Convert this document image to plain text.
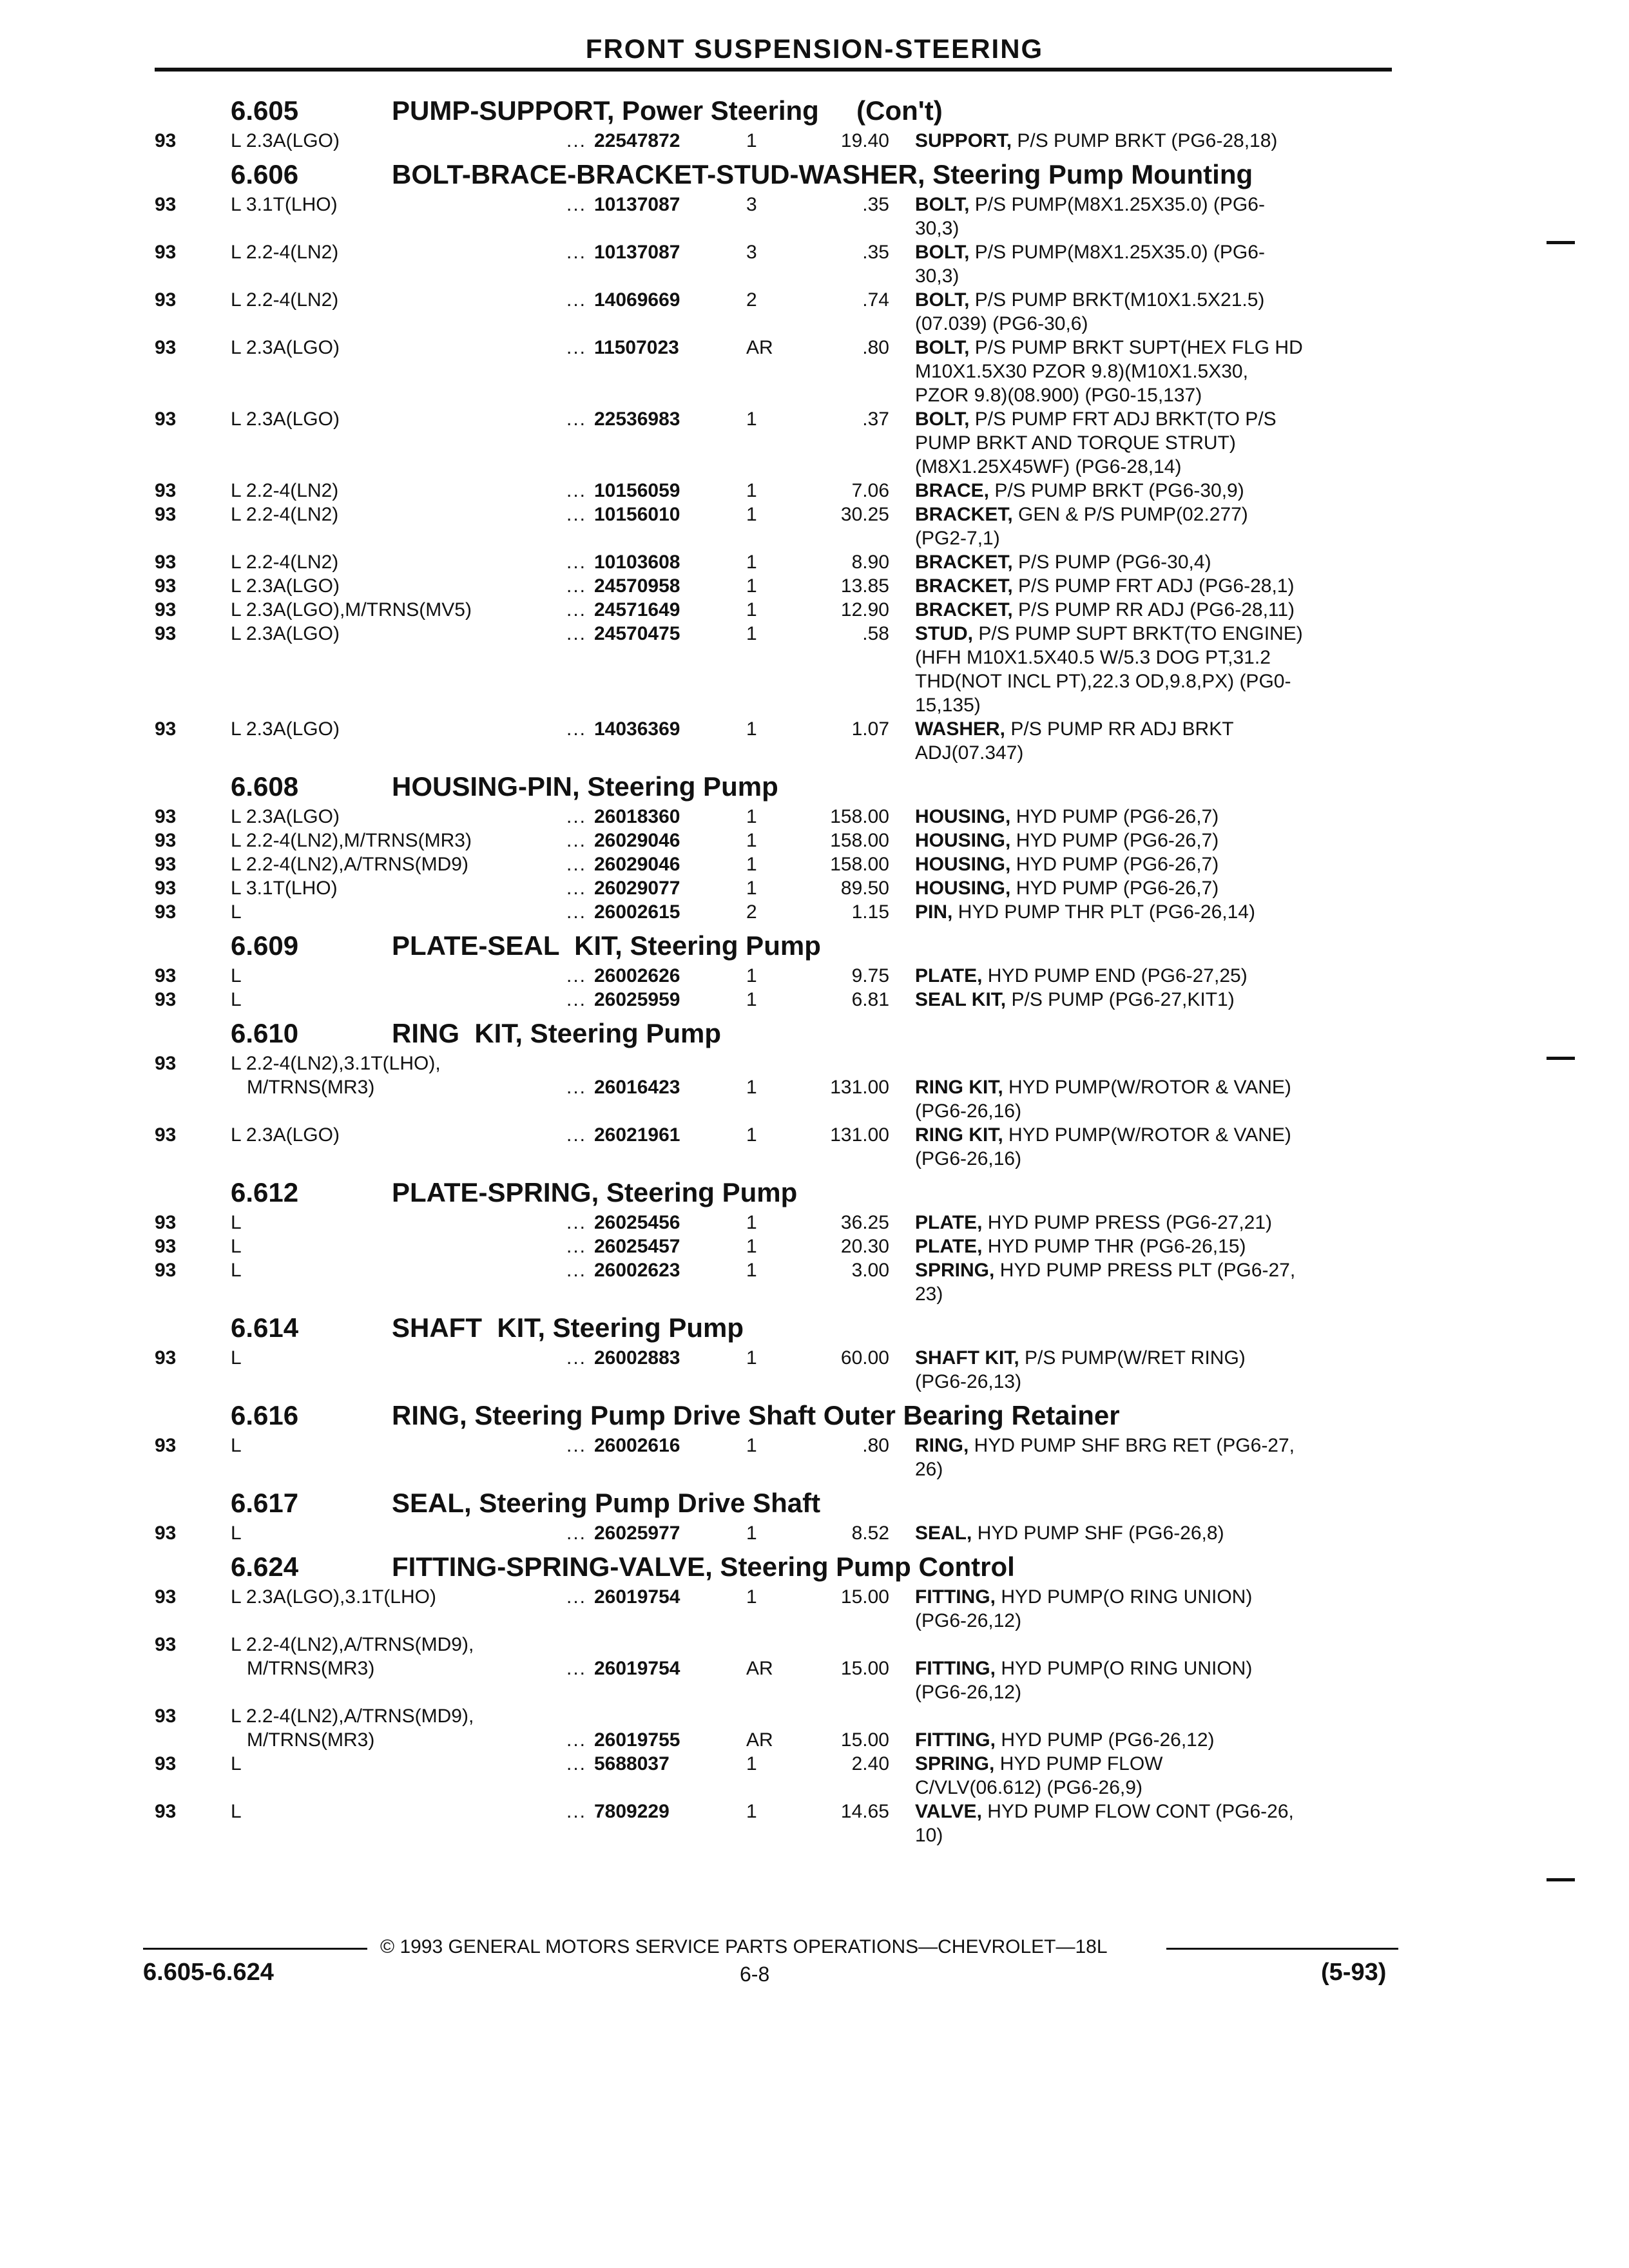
FRONT SUSPENSION-STEERING
6.605	PUMP-SUPPORT, Power Steering     (Con't)
93	L 2.3A(LGO)	... 22547872	1	19.40 SUPPORT, P/S PUMP BRKT (PG6-28,18)
6.606	BOLT-BRACE-BRACKET-STUD-WASHER, Steering Pump Mounting
93	L 3.1T(LHO)	... 10137087	3	.35 BOLT, P/S PUMP(M8X1.25X35.0) (PG6-
30,3)
93	L 2.2-4(LN2)	... 10137087	3	.35 BOLT, P/S PUMP(M8X1.25X35.0) (PG6-
30,3)
93	L 2.2-4(LN2)	... 14069669	2	.74 BOLT, P/S PUMP BRKT(M10X1.5X21.5)
(07.039) (PG6-30,6)
93	L 2.3A(LGO)	... 11507023	AR	.80 BOLT, P/S PUMP BRKT SUPT(HEX FLG HD
M10X1.5X30 PZOR 9.8)(M10X1.5X30,
PZOR 9.8)(08.900) (PG0-15,137)
93	L 2.3A(LGO)	... 22536983	1	.37 BOLT, P/S PUMP FRT ADJ BRKT(TO P/S
PUMP BRKT AND TORQUE STRUT)
(M8X1.25X45WF) (PG6-28,14)
93	L 2.2-4(LN2)	... 10156059	1	7.06 BRACE, P/S PUMP BRKT (PG6-30,9)
93	L 2.2-4(LN2)	... 10156010	1	30.25 BRACKET, GEN & P/S PUMP(02.277)
(PG2-7,1)
93	L 2.2-4(LN2)	... 10103608	1	8.90 BRACKET, P/S PUMP (PG6-30,4)
93	L 2.3A(LGO)	... 24570958	1	13.85 BRACKET, P/S PUMP FRT ADJ (PG6-28,1)
93	L 2.3A(LGO),M/TRNS(MV5)	... 24571649	1	12.90 BRACKET, P/S PUMP RR ADJ (PG6-28,11)
93	L 2.3A(LGO)	... 24570475	1	.58 STUD, P/S PUMP SUPT BRKT(TO ENGINE)
(HFH M10X1.5X40.5 W/5.3 DOG PT,31.2
THD(NOT INCL PT),22.3 OD,9.8,PX) (PG0-
15,135)
93	L 2.3A(LGO)	... 14036369	1	1.07 WASHER, P/S PUMP RR ADJ BRKT
ADJ(07.347)
6.608	HOUSING-PIN, Steering Pump
93	L 2.3A(LGO)	... 26018360	1	158.00 HOUSING, HYD PUMP (PG6-26,7)
93	L 2.2-4(LN2),M/TRNS(MR3)	... 26029046	1	158.00 HOUSING, HYD PUMP (PG6-26,7)
93	L 2.2-4(LN2),A/TRNS(MD9)	... 26029046	1	158.00 HOUSING, HYD PUMP (PG6-26,7)
93	L 3.1T(LHO)	... 26029077	1	89.50 HOUSING, HYD PUMP (PG6-26,7)
93	L	... 26002615	2	1.15 PIN, HYD PUMP THR PLT (PG6-26,14)
6.609	PLATE-SEAL  KIT, Steering Pump
93	L	... 26002626	1	9.75 PLATE, HYD PUMP END (PG6-27,25)
93	L	... 26025959	1	6.81 SEAL KIT, P/S PUMP (PG6-27,KIT1)
6.610	RING  KIT, Steering Pump
93	L 2.2-4(LN2),3.1T(LHO),
M/TRNS(MR3)	... 26016423	1	131.00 RING KIT, HYD PUMP(W/ROTOR & VANE)
(PG6-26,16)
93	L 2.3A(LGO)	... 26021961	1	131.00 RING KIT, HYD PUMP(W/ROTOR & VANE)
(PG6-26,16)
6.612	PLATE-SPRING, Steering Pump
93	L	... 26025456	1	36.25 PLATE, HYD PUMP PRESS (PG6-27,21)
93	L	... 26025457	1	20.30 PLATE, HYD PUMP THR (PG6-26,15)
93	L	... 26002623	1	3.00 SPRING, HYD PUMP PRESS PLT (PG6-27,
23)
6.614	SHAFT  KIT, Steering Pump
93	L	... 26002883	1	60.00 SHAFT KIT, P/S PUMP(W/RET RING)
(PG6-26,13)
6.616	RING, Steering Pump Drive Shaft Outer Bearing Retainer
93	L	... 26002616	1	.80 RING, HYD PUMP SHF BRG RET (PG6-27,
26)
6.617	SEAL, Steering Pump Drive Shaft
93	L	... 26025977	1	8.52 SEAL, HYD PUMP SHF (PG6-26,8)
6.624	FITTING-SPRING-VALVE, Steering Pump Control
93	L 2.3A(LGO),3.1T(LHO)	... 26019754	1	15.00 FITTING, HYD PUMP(O RING UNION)
(PG6-26,12)
93	L 2.2-4(LN2),A/TRNS(MD9),
M/TRNS(MR3)	... 26019754	AR	15.00 FITTING, HYD PUMP(O RING UNION)
(PG6-26,12)
93	L 2.2-4(LN2),A/TRNS(MD9),
M/TRNS(MR3)	... 26019755	AR	15.00 FITTING, HYD PUMP (PG6-26,12)
93	L	... 5688037	1	2.40 SPRING, HYD PUMP FLOW
C/VLV(06.612) (PG6-26,9)
93	L	... 7809229	1	14.65 VALVE, HYD PUMP FLOW CONT (PG6-26,
10)
© 1993 GENERAL MOTORS SERVICE PARTS OPERATIONS—CHEVROLET—18L
6.605-6.624	6-8	(5-93)
